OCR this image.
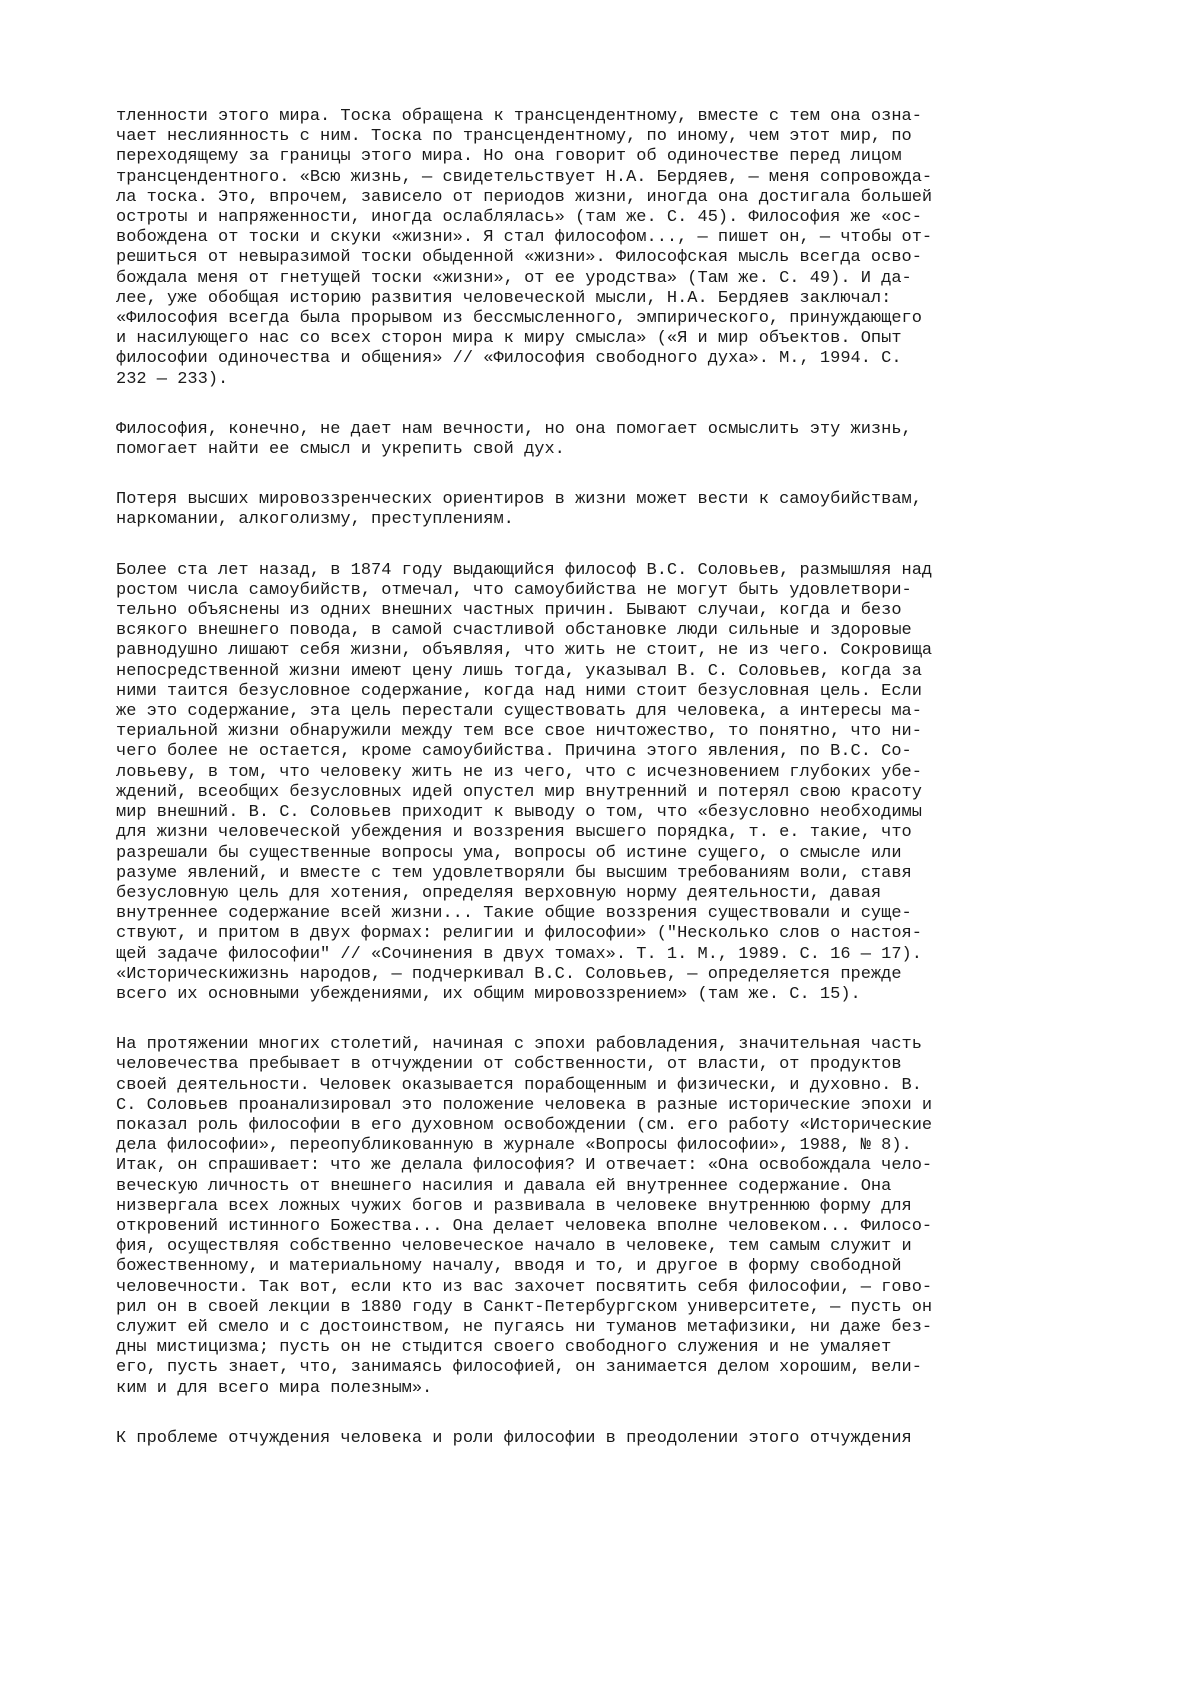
тленности этого мира. Тоска обращена к трансцендентному, вместе с тем она озна-
чает неслиянность с ним. Тоска по трансцендентному, по иному, чем этот мир, по
переходящему за границы этого мира. Но она говорит об одиночестве перед лицом
трансцендентного. «Всю жизнь, — свидетельствует Н.А. Бердяев, — меня сопровожда-
ла тоска. Это, впрочем, зависело от периодов жизни, иногда она достигала большей
остроты и напряженности, иногда ослаблялась» (там же. С. 45). Философия же «ос-
вобождена от тоски и скуки «жизни». Я стал философом..., — пишет он, — чтобы от-
решиться от невыразимой тоски обыденной «жизни». Философская мысль всегда осво-
бождала меня от гнетущей тоски «жизни», от ее уродства» (Там же. С. 49). И да-
лее, уже обобщая историю развития человеческой мысли, Н.А. Бердяев заключал:
«Философия всегда была прорывом из бессмысленного, эмпирического, принуждающего
и насилующего нас со всех сторон мира к миру смысла» («Я и мир объектов. Опыт
философии одиночества и общения» // «Философия свободного духа». М., 1994. С.
232 — 233).

Философия, конечно, не дает нам вечности, но она помогает осмыслить эту жизнь,
помогает найти ее смысл и укрепить свой дух.

Потеря высших мировоззренческих ориентиров в жизни может вести к самоубийствам,
наркомании, алкоголизму, преступлениям.

Более ста лет назад, в 1874 году выдающийся философ В.С. Соловьев, размышляя над
ростом числа самоубийств, отмечал, что самоубийства не могут быть удовлетвори-
тельно объяснены из одних внешних частных причин. Бывают случаи, когда и безо
всякого внешнего повода, в самой счастливой обстановке люди сильные и здоровые
равнодушно лишают себя жизни, объявляя, что жить не стоит, не из чего. Сокровища
непосредственной жизни имеют цену лишь тогда, указывал В. С. Соловьев, когда за
ними таится безусловное содержание, когда над ними стоит безусловная цель. Если
же это содержание, эта цель перестали существовать для человека, а интересы ма-
териальной жизни обнаружили между тем все свое ничтожество, то понятно, что ни-
чего более не остается, кроме самоубийства. Причина этого явления, по В.С. Со-
ловьеву, в том, что человеку жить не из чего, что с исчезновением глубоких убе-
ждений, всеобщих безусловных идей опустел мир внутренний и потерял свою красоту
мир внешний. В. С. Соловьев приходит к выводу о том, что «безусловно необходимы
для жизни человеческой убеждения и воззрения высшего порядка, т. е. такие, что
разрешали бы существенные вопросы ума, вопросы об истине сущего, о смысле или
разуме явлений, и вместе с тем удовлетворяли бы высшим требованиям воли, ставя
безусловную цель для хотения, определяя верховную норму деятельности, давая
внутреннее содержание всей жизни... Такие общие воззрения существовали и суще-
ствуют, и притом в двух формах: религии и философии» ("Несколько слов о настоя-
щей задаче философии" // «Сочинения в двух томах». Т. 1. М., 1989. С. 16 — 17).
«Историческижизнь народов, — подчеркивал В.С. Соловьев, — определяется прежде
всего их основными убеждениями, их общим мировоззрением» (там же. С. 15).

На протяжении многих столетий, начиная с эпохи рабовладения, значительная часть
человечества пребывает в отчуждении от собственности, от власти, от продуктов
своей деятельности. Человек оказывается порабощенным и физически, и духовно. В.
С. Соловьев проанализировал это положение человека в разные исторические эпохи и
показал роль философии в его духовном освобождении (см. его работу «Исторические
дела философии», переопубликованную в журнале «Вопросы философии», 1988, № 8).
Итак, он спрашивает: что же делала философия? И отвечает: «Она освобождала чело-
веческую личность от внешнего насилия и давала ей внутреннее содержание. Она
низвергала всех ложных чужих богов и развивала в человеке внутреннюю форму для
откровений истинного Божества... Она делает человека вполне человеком... Филосо-
фия, осуществляя собственно человеческое начало в человеке, тем самым служит и
божественному, и материальному началу, вводя и то, и другое в форму свободной
человечности. Так вот, если кто из вас захочет посвятить себя философии, — гово-
рил он в своей лекции в 1880 году в Санкт-Петербургском университете, — пусть он
служит ей смело и с достоинством, не пугаясь ни туманов метафизики, ни даже без-
дны мистицизма; пусть он не стыдится своего свободного служения и не умаляет
его, пусть знает, что, занимаясь философией, он занимается делом хорошим, вели-
ким и для всего мира полезным».

К проблеме отчуждения человека и роли философии в преодолении этого отчуждения
